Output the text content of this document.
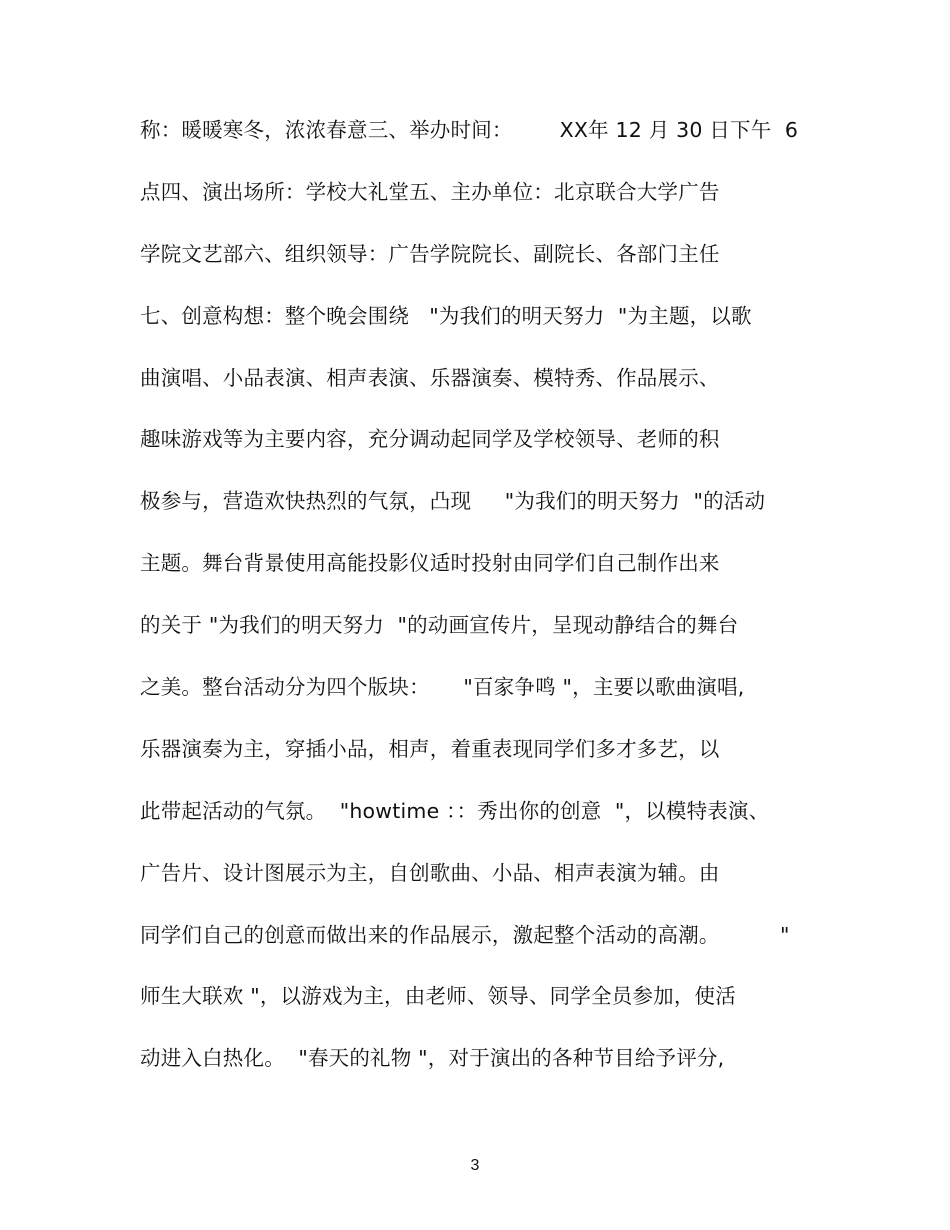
称：暖暖寒冬，浓浓春意三、举办时间：       XX年 12 月 30 日下午  6
点四、演出场所：学校大礼堂五、主办单位：北京联合大学广告
学院文艺部六、组织领导：广告学院院长、副院长、各部门主任
七、创意构想：整个晚会围绕   "为我们的明天努力  "为主题，以歌
曲演唱、小品表演、相声表演、乐器演奏、模特秀、作品展示、
趣味游戏等为主要内容，充分调动起同学及学校领导、老师的积
极参与，营造欢快热烈的气氛，凸现     "为我们的明天努力  "的活动
主题。舞台背景使用高能投影仪适时投射由同学们自己制作出来
的关于 "为我们的明天努力  "的动画宣传片，呈现动静结合的舞台
之美。整台活动分为四个版块：     "百家争鸣 "，主要以歌曲演唱,
乐器演奏为主，穿插小品，相声，着重表现同学们多才多艺，以
此带起活动的气氛。  "howtime ：：秀出你的创意  "，以模特表演、
广告片、设计图展示为主，自创歌曲、小品、相声表演为辅。由
同学们自己的创意而做出来的作品展示，激起整个活动的高潮。         "
师生大联欢 "，以游戏为主，由老师、领导、同学全员参加，使活
动进入白热化。  "春天的礼物 "，对于演出的各种节目给予评分,
3
